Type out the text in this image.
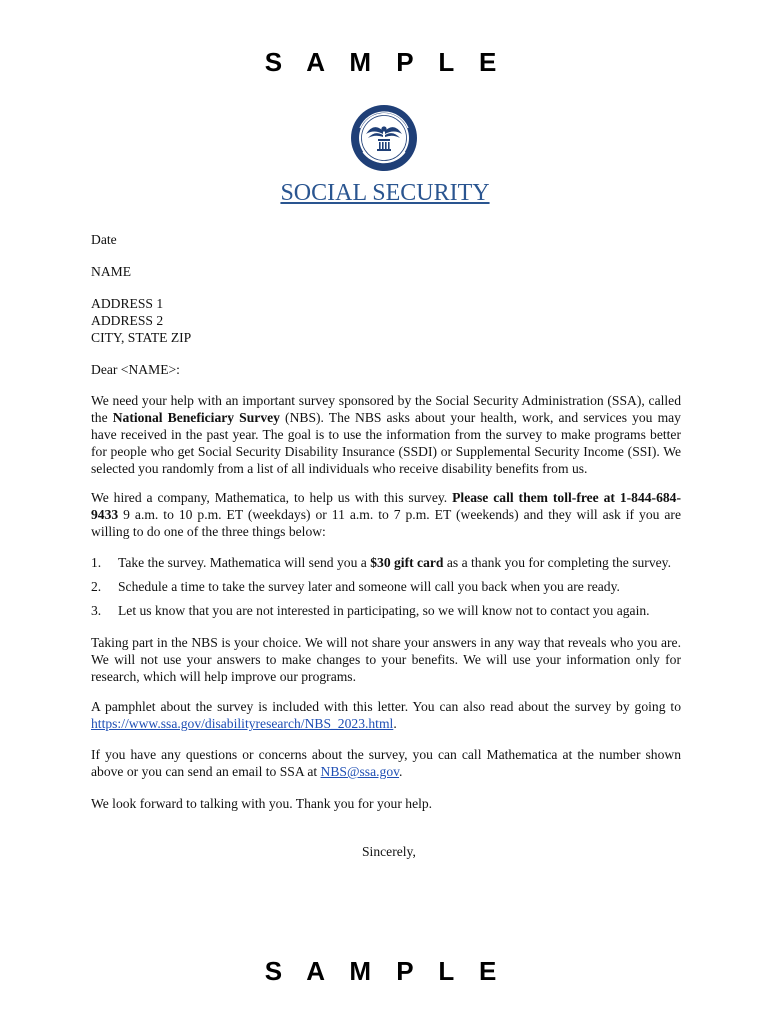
S A M P L E
SOCIAL SECURITY
Date
NAME
ADDRESS 1
ADDRESS 2
CITY, STATE ZIP
Dear <NAME>:

We need your help with an important survey sponsored by the Social Security Administration (SSA), called the National Beneficiary Survey (NBS). The NBS asks about your health, work, and services you may have received in the past year. The goal is to use the information from the survey to make programs better for people who get Social Security Disability Insurance (SSDI) or Supplemental Security Income (SSI). We selected you randomly from a list of all individuals who receive disability benefits from us.

We hired a company, Mathematica, to help us with this survey. Please call them toll-free at 1-844-684-9433 9 a.m. to 10 p.m. ET (weekdays) or 11 a.m. to 7 p.m. ET (weekends) and they will ask if you are willing to do one of the three things below:

1. Take the survey. Mathematica will send you a $30 gift card as a thank you for completing the survey.
2. Schedule a time to take the survey later and someone will call you back when you are ready.
3. Let us know that you are not interested in participating, so we will know not to contact you again.

Taking part in the NBS is your choice. We will not share your answers in any way that reveals who you are. We will not use your answers to make changes to your benefits. We will use your information only for research, which will help improve our programs.

A pamphlet about the survey is included with this letter. You can also read about the survey by going to https://www.ssa.gov/disabilityresearch/NBS_2023.html.

If you have any questions or concerns about the survey, you can call Mathematica at the number shown above or you can send an email to SSA at NBS@ssa.gov.

We look forward to talking with you. Thank you for your help.
Sincerely,
S A M P L E
